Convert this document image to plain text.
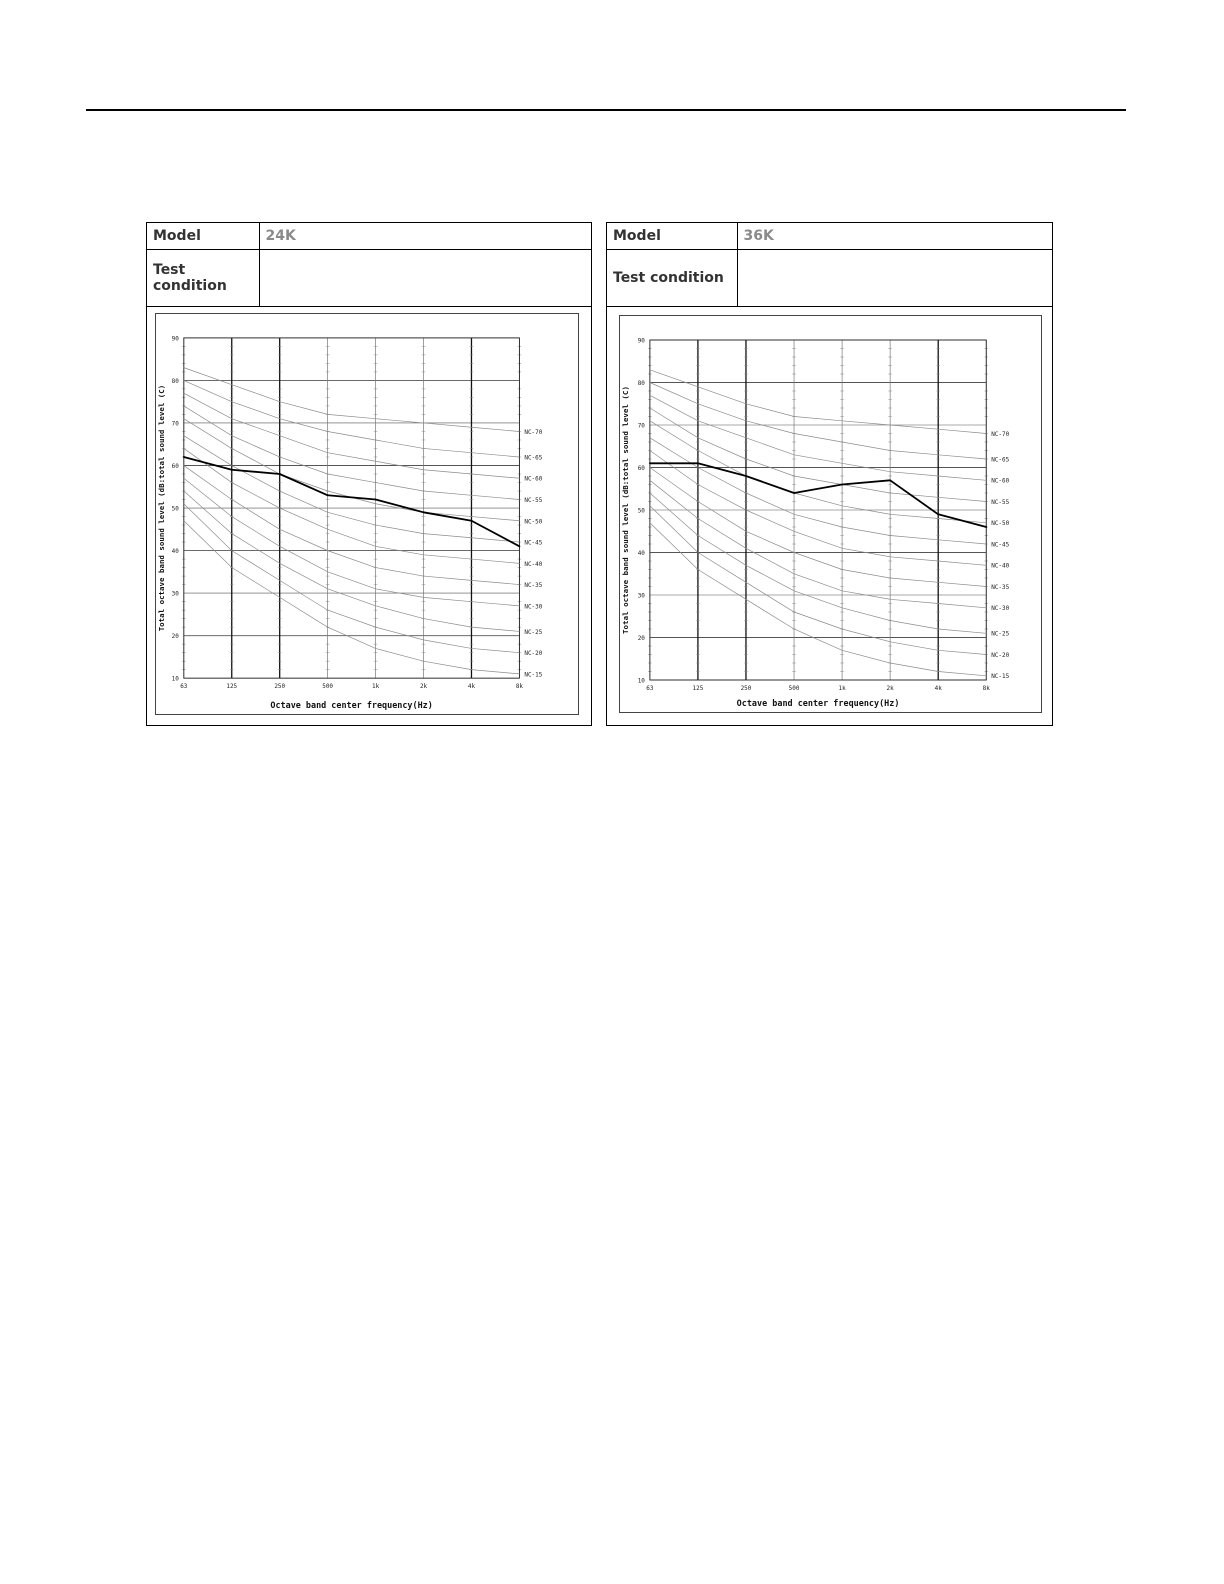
Model	24K
Test condition	
10
20
30
40
50
60
70
80
90
63	125	250	500	1k	2k	4k	8k
NC-70
NC-65
NC-60
NC-55
NC-50
NC-45
NC-40
NC-35
NC-30
NC-25
NC-20
NC-15
Octave band center frequency(Hz)
Total octave band sound level (dB:total sound level (C)
Model	36K
Test condition	
10
20
30
40
50
60
70
80
90
63	125	250	500	1k	2k	4k	8k
NC-70
NC-65
NC-60
NC-55
NC-50
NC-45
NC-40
NC-35
NC-30
NC-25
NC-20
NC-15
Octave band center frequency(Hz)
Total octave band sound level (dB:total sound level (C)
